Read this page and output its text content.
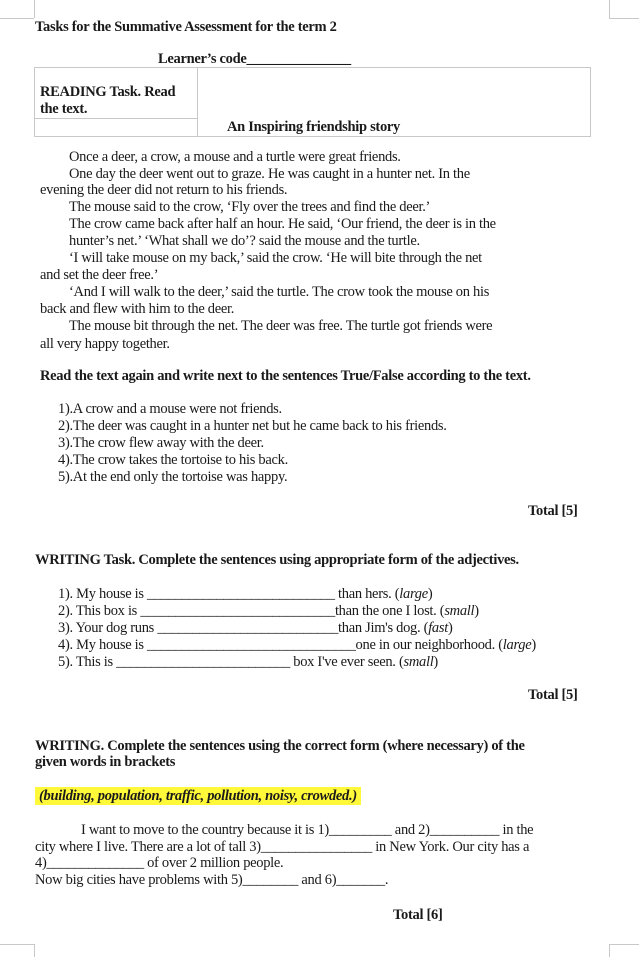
Tasks for the Summative Assessment for the term 2
Learner’s code_______________
READING Task. Read
the text.
An Inspiring friendship story
Once a deer, a crow, a mouse and a turtle were great friends.
One day the deer went out to graze. He was caught in a hunter net. In the
evening the deer did not return to his friends.
The mouse said to the crow, ‘Fly over the trees and find the deer.’
The crow came back after half an hour. He said, ‘Our friend, the deer is in the
hunter’s net.’ ‘What shall we do’? said the mouse and the turtle.
‘I will take mouse on my back,’ said the crow. ‘He will bite through the net
and set the deer free.’
‘And I will walk to the deer,’ said the turtle. The crow took the mouse on his
back and flew with him to the deer.
The mouse bit through the net. The deer was free. The turtle got friends were
all very happy together.
Read the text again and write next to the sentences True/False according to the text.
1).A crow and a mouse were not friends.
2).The deer was caught in a hunter net but he came back to his friends.
3).The crow flew away with the deer.
4).The crow takes the tortoise to his back.
5).At the end only the tortoise was happy.
Total [5]
WRITING Task. Complete the sentences using appropriate form of the adjectives.
1). My house is ___________________________ than hers. ( large )
2). This box is ____________________________than the one I lost. ( small )
3). Your dog runs __________________________than Jim's dog. ( fast )
4). My house is ______________________________one in our neighborhood. ( large )
5). This is _________________________ box I've ever seen. ( small )
Total [5]
WRITING. Complete the sentences using the correct form (where necessary) of the
given words in brackets
(building, population, traffic, pollution, noisy, crowded.)
I want to move to the country because it is 1)_________ and 2)__________ in the
city where I live. There are a lot of tall 3)________________ in New York. Our city has a
4)______________ of over 2 million people.
Now big cities have problems with 5)________ and 6)_______.
Total [6]
